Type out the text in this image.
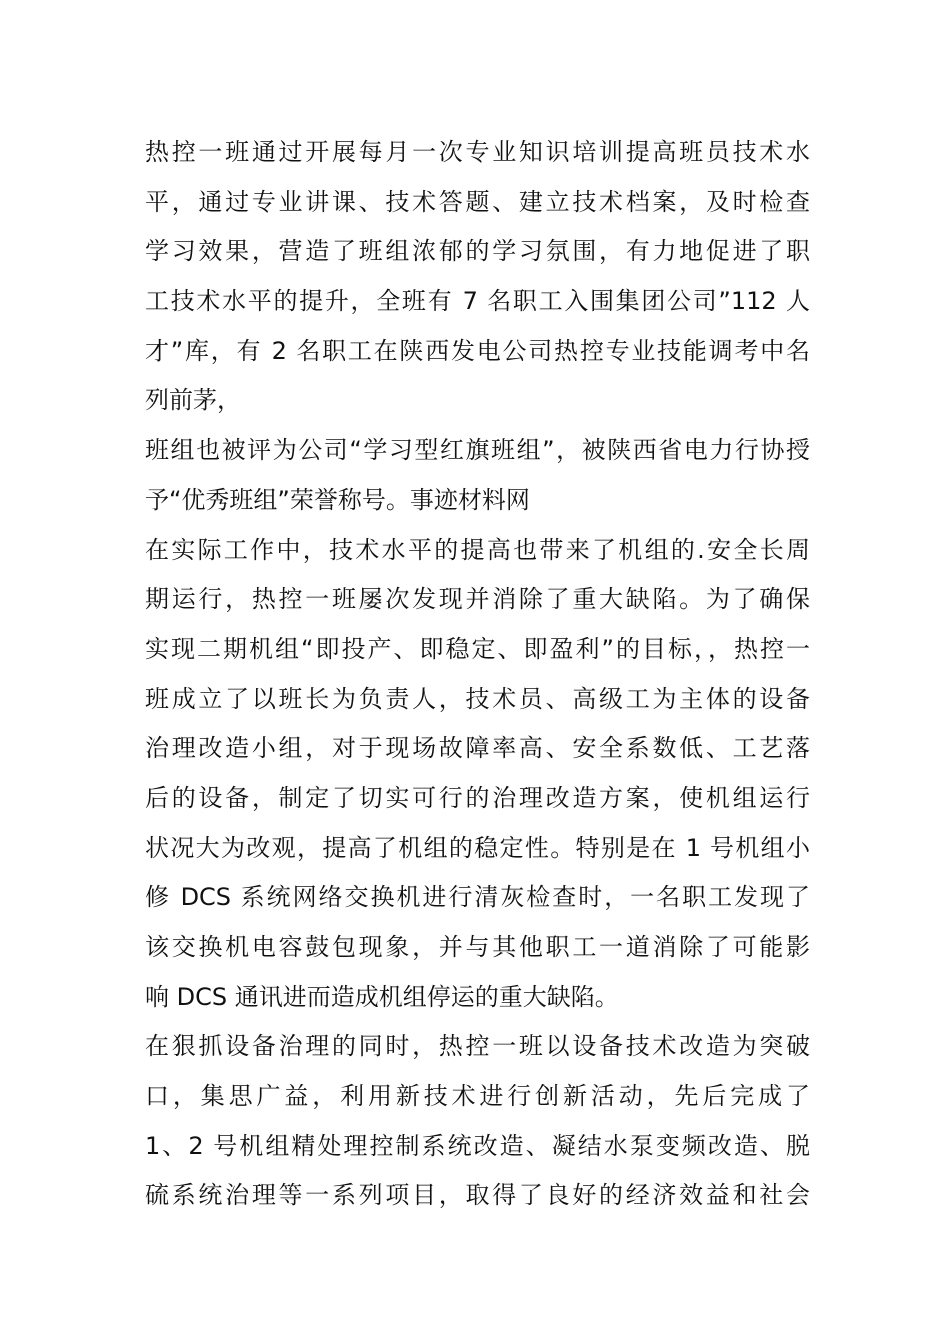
热控一班通过开展每月一次专业知识培训提高班员技术水
平，通过专业讲课、技术答题、建立技术档案，及时检查
学习效果，营造了班组浓郁的学习氛围，有力地促进了职
工技术水平的提升，全班有 7 名职工入围集团公司”112 人
才”库，有 2 名职工在陕西发电公司热控专业技能调考中名
列前茅，
班组也被评为公司“学习型红旗班组”，被陕西省电力行协授
予“优秀班组”荣誉称号。事迹材料网
在实际工作中，技术水平的提高也带来了机组的.安全长周
期运行，热控一班屡次发现并消除了重大缺陷。为了确保
实现二期机组“即投产、即稳定、即盈利”的目标，，热控一
班成立了以班长为负责人，技术员、高级工为主体的设备
治理改造小组，对于现场故障率高、安全系数低、工艺落
后的设备，制定了切实可行的治理改造方案，使机组运行
状况大为改观，提高了机组的稳定性。特别是在 1 号机组小
修 DCS 系统网络交换机进行清灰检查时，一名职工发现了
该交换机电容鼓包现象，并与其他职工一道消除了可能影
响 DCS 通讯进而造成机组停运的重大缺陷。
在狠抓设备治理的同时，热控一班以设备技术改造为突破
口，集思广益，利用新技术进行创新活动，先后完成了
1、2 号机组精处理控制系统改造、凝结水泵变频改造、脱
硫系统治理等一系列项目，取得了良好的经济效益和社会
